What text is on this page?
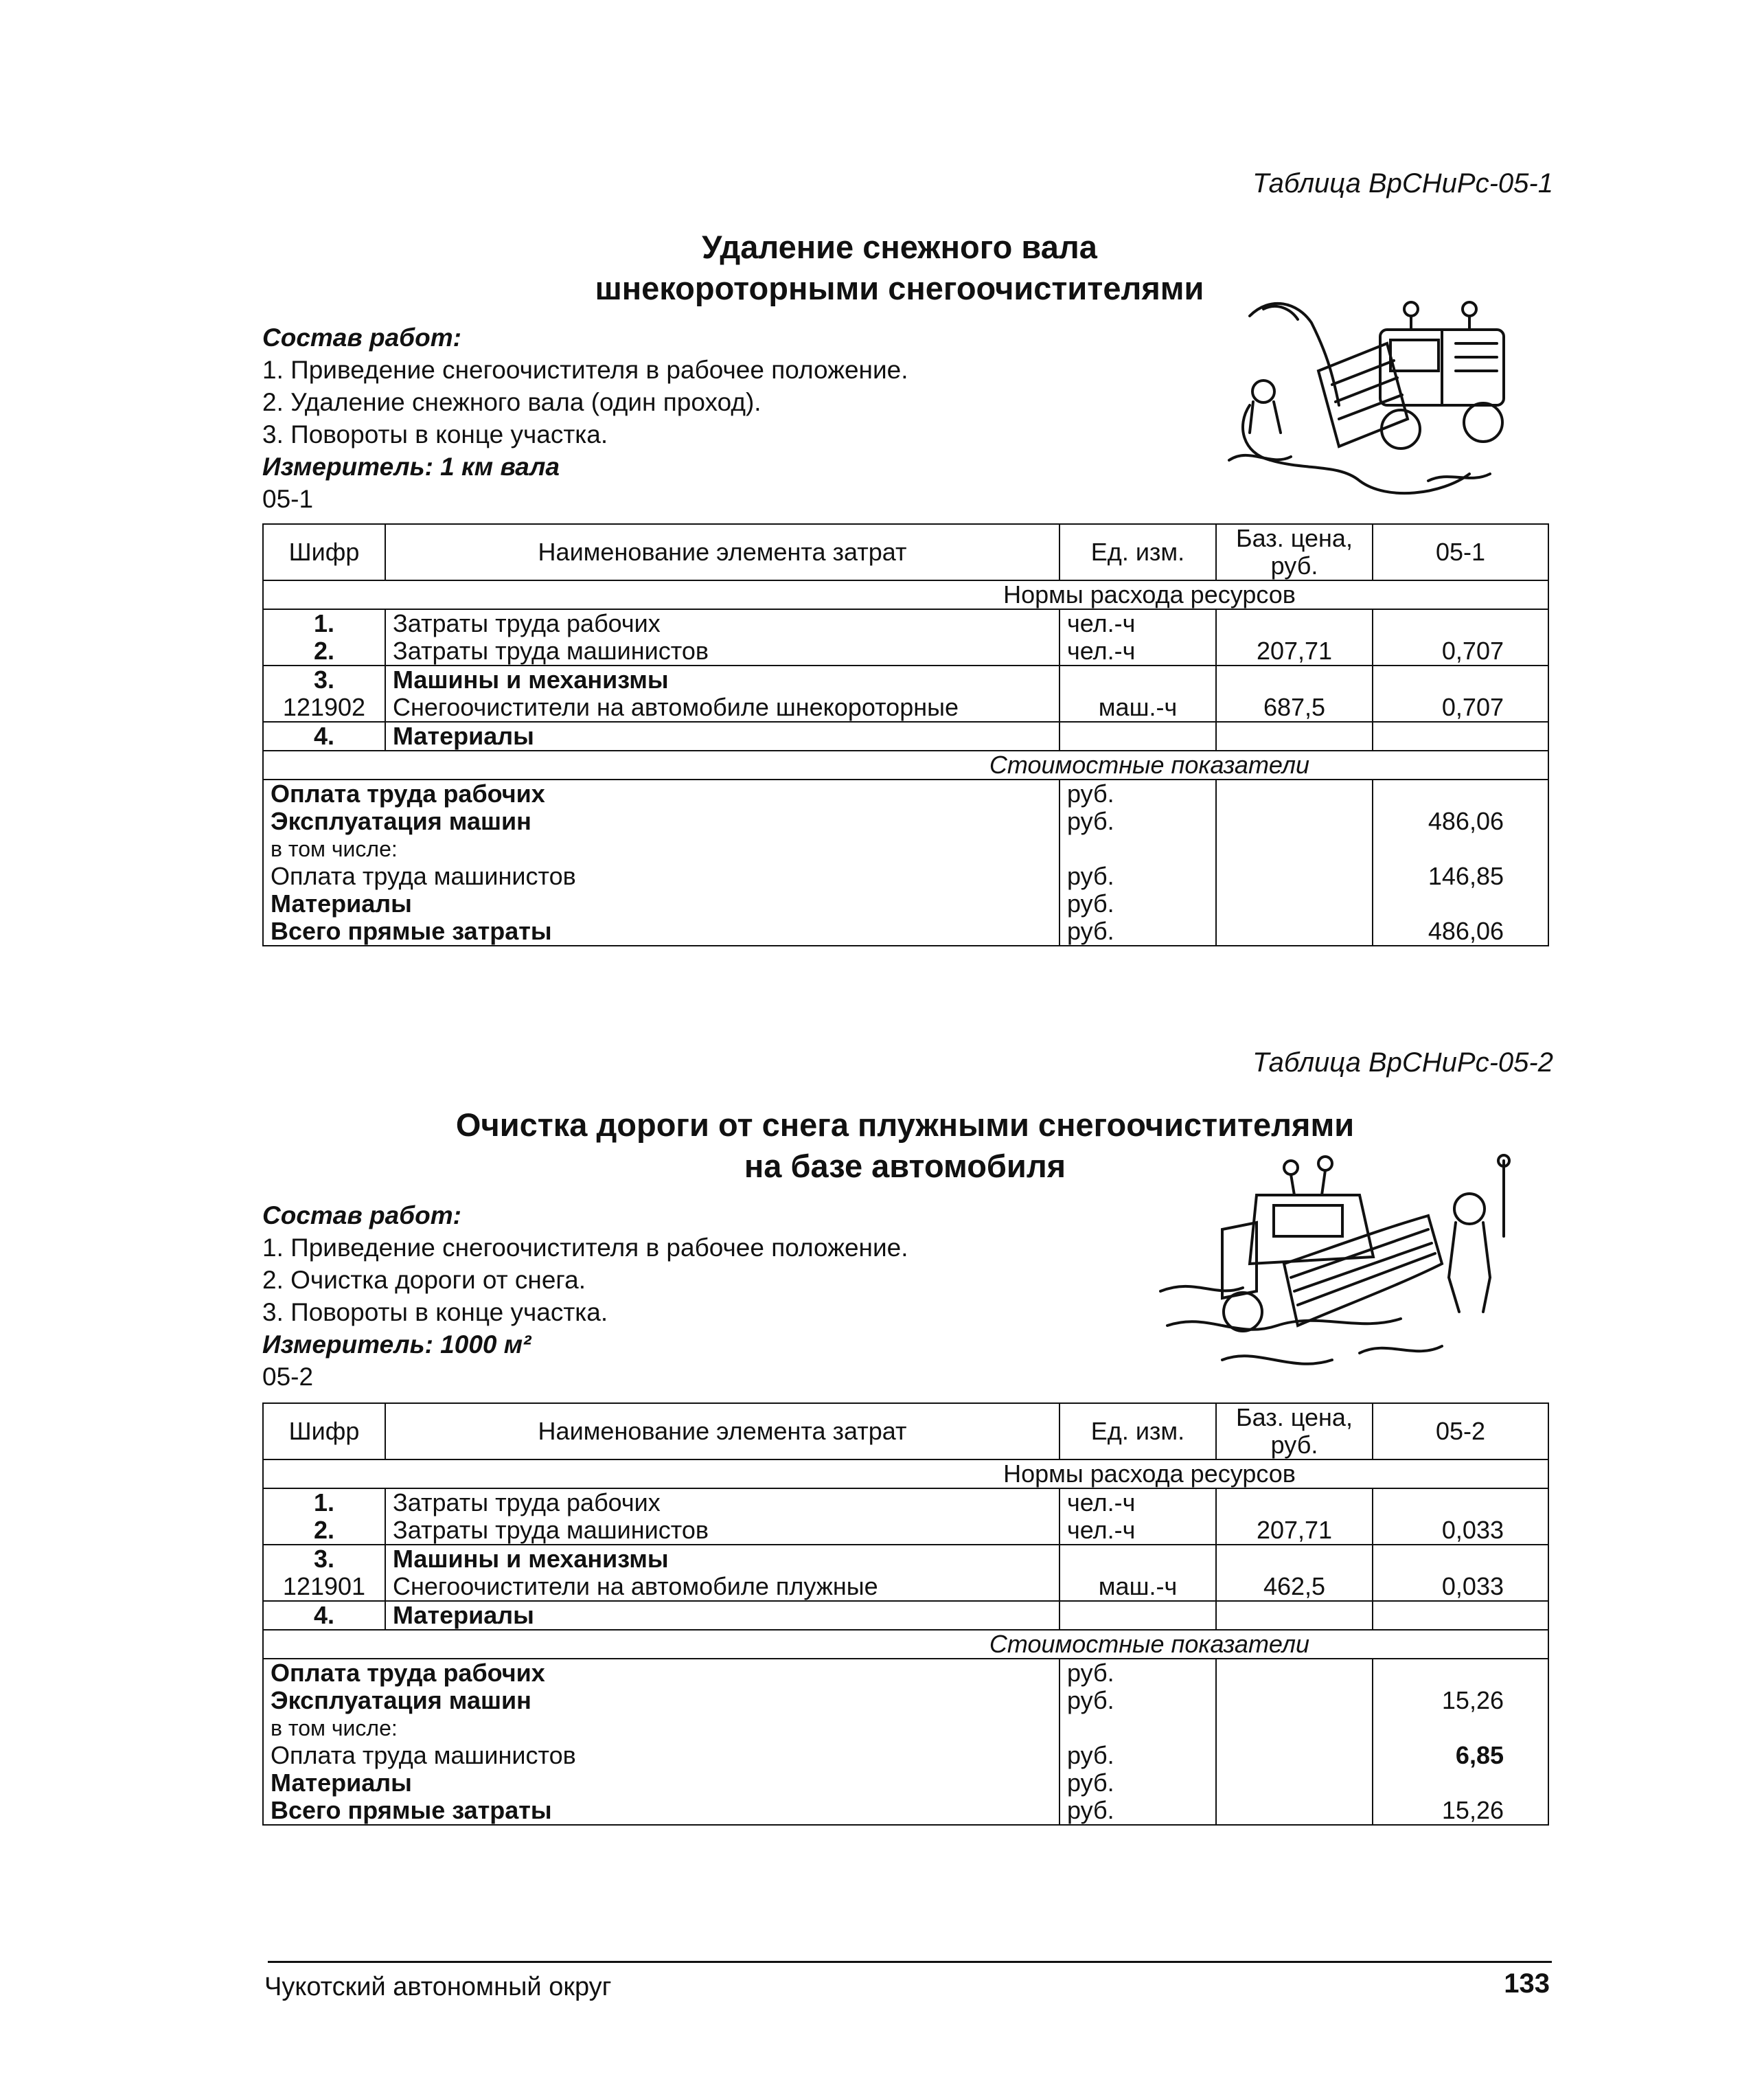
Таблица ВрСНиРс-05-1
Удаление снежного вала
шнекороторными снегоочистителями
Состав работ:
1. Приведение снегоочистителя в рабочее положение.
2. Удаление снежного вала (один проход).
3. Повороты в конце участка.
Измеритель: 1 км вала
05-1
Шифр	Наименование элемента затрат	Ед. изм.	Баз. цена, руб.	05-1
Нормы расхода ресурсов				
1.	Затраты труда рабочих	чел.-ч		
2.	Затраты труда машинистов	чел.-ч	207,71	0,707
3.	Машины и механизмы			
121902	Снегоочистители на автомобиле шнекороторные	маш.-ч	687,5	0,707
4.	Материалы			
Стоимостные показатели				
Оплата труда рабочих		руб.		
Эксплуатация машин		руб.		486,06
в том числе:				
Оплата труда машинистов		руб.		146,85
Материалы		руб.		
Всего прямые затраты		руб.		486,06
Таблица ВрСНиРс-05-2
Очистка дороги от снега плужными снегоочистителями
на базе автомобиля
Состав работ:
1. Приведение снегоочистителя в рабочее положение.
2. Очистка дороги от снега.
3. Повороты в конце участка.
Измеритель: 1000 м²
05-2
Шифр	Наименование элемента затрат	Ед. изм.	Баз. цена, руб.	05-2
Нормы расхода ресурсов				
1.	Затраты труда рабочих	чел.-ч		
2.	Затраты труда машинистов	чел.-ч	207,71	0,033
3.	Машины и механизмы			
121901	Снегоочистители на автомобиле плужные	маш.-ч	462,5	0,033
4.	Материалы			
Стоимостные показатели				
Оплата труда рабочих		руб.		
Эксплуатация машин		руб.		15,26
в том числе:				
Оплата труда машинистов		руб.		6,85
Материалы		руб.		
Всего прямые затраты		руб.		15,26
Чукотский автономный округ	133
